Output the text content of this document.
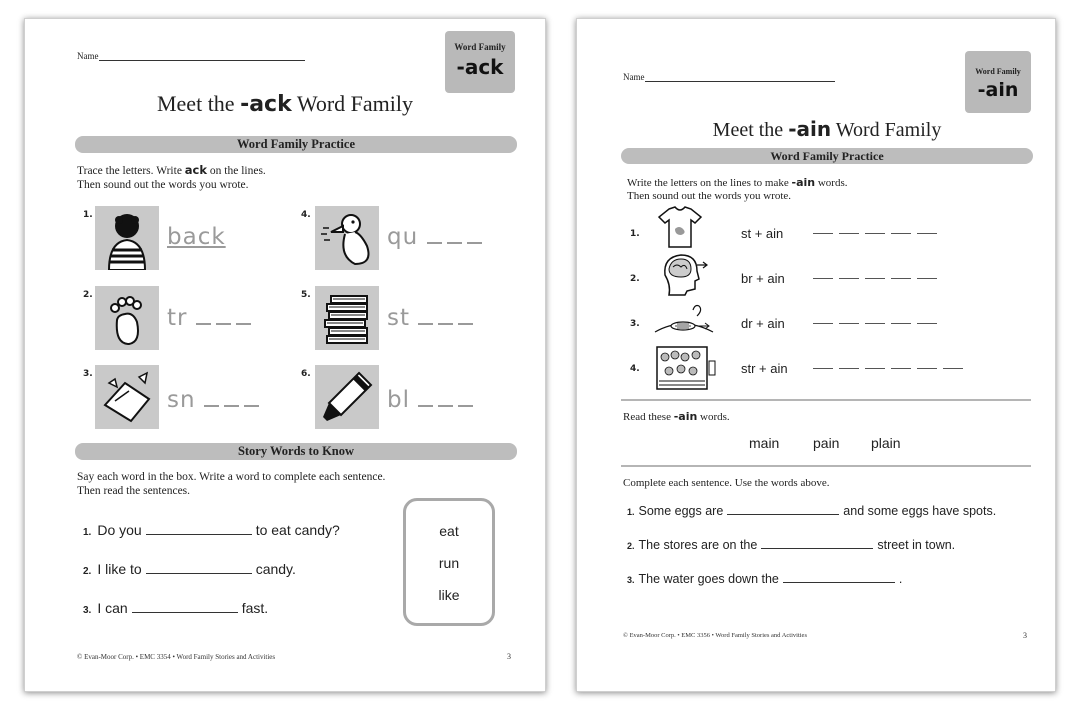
Name
Word Family
-ack
Meet the -ack Word Family
Word Family Practice
Trace the letters. Write ack on the lines.
Then sound out the words you wrote.
1.
back
2.
tr
3.
sn
4.
qu
5.
st
6.
bl
Story Words to Know
Say each word in the box. Write a word to complete each sentence.
Then read the sentences.
1. Do you	to eat candy?
2. I like to	candy.
3. I can	fast.
eat
run
like
© Evan-Moor Corp. • EMC 3354 • Word Family Stories and Activities	3
Name
Word Family
-ain
Meet the -ain Word Family
Word Family Practice
Write the letters on the lines to make -ain words.
Then sound out the words you wrote.
1.	st + ain
2.	br + ain
3.	dr + ain
4.	str + ain
Read these -ain words.
main pain plain
Complete each sentence. Use the words above.
1. Some eggs are	and some eggs have spots.
2. The stores are on the	street in town.
3. The water goes down the	.
© Evan-Moor Corp. • EMC 3356 • Word Family Stories and Activities	3
